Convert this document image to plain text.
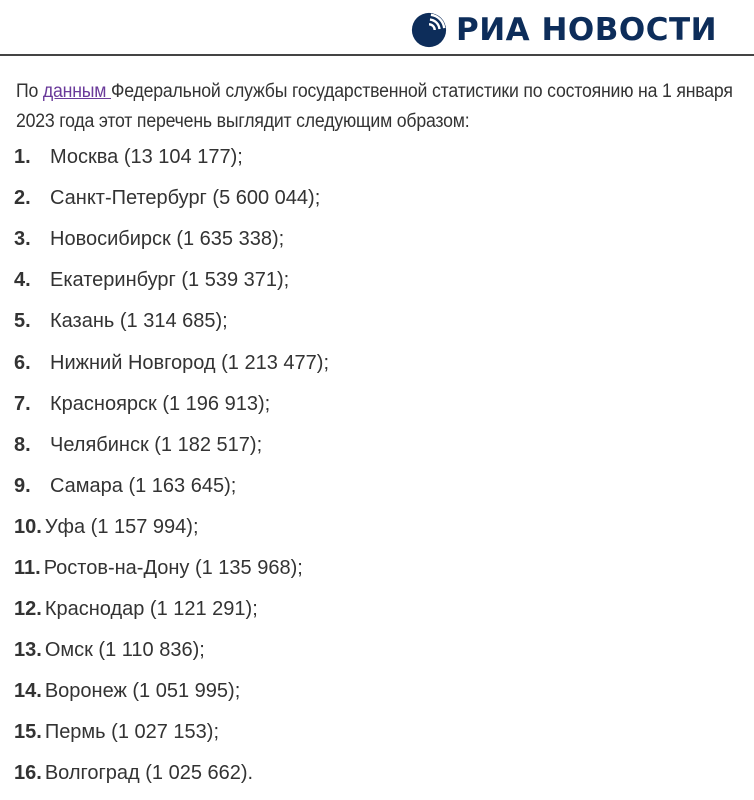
РИА НОВОСТИ

По данным Федеральной службы государственной статистики по состоянию на 1 января 2023 года этот перечень выглядит следующим образом:

1. Москва (13 104 177);
2. Санкт-Петербург (5 600 044);
3. Новосибирск (1 635 338);
4. Екатеринбург (1 539 371);
5. Казань (1 314 685);
6. Нижний Новгород (1 213 477);
7. Красноярск (1 196 913);
8. Челябинск (1 182 517);
9. Самара (1 163 645);
10. Уфа (1 157 994);
11. Ростов-на-Дону (1 135 968);
12. Краснодар (1 121 291);
13. Омск (1 110 836);
14. Воронеж (1 051 995);
15. Пермь (1 027 153);
16. Волгоград (1 025 662).
